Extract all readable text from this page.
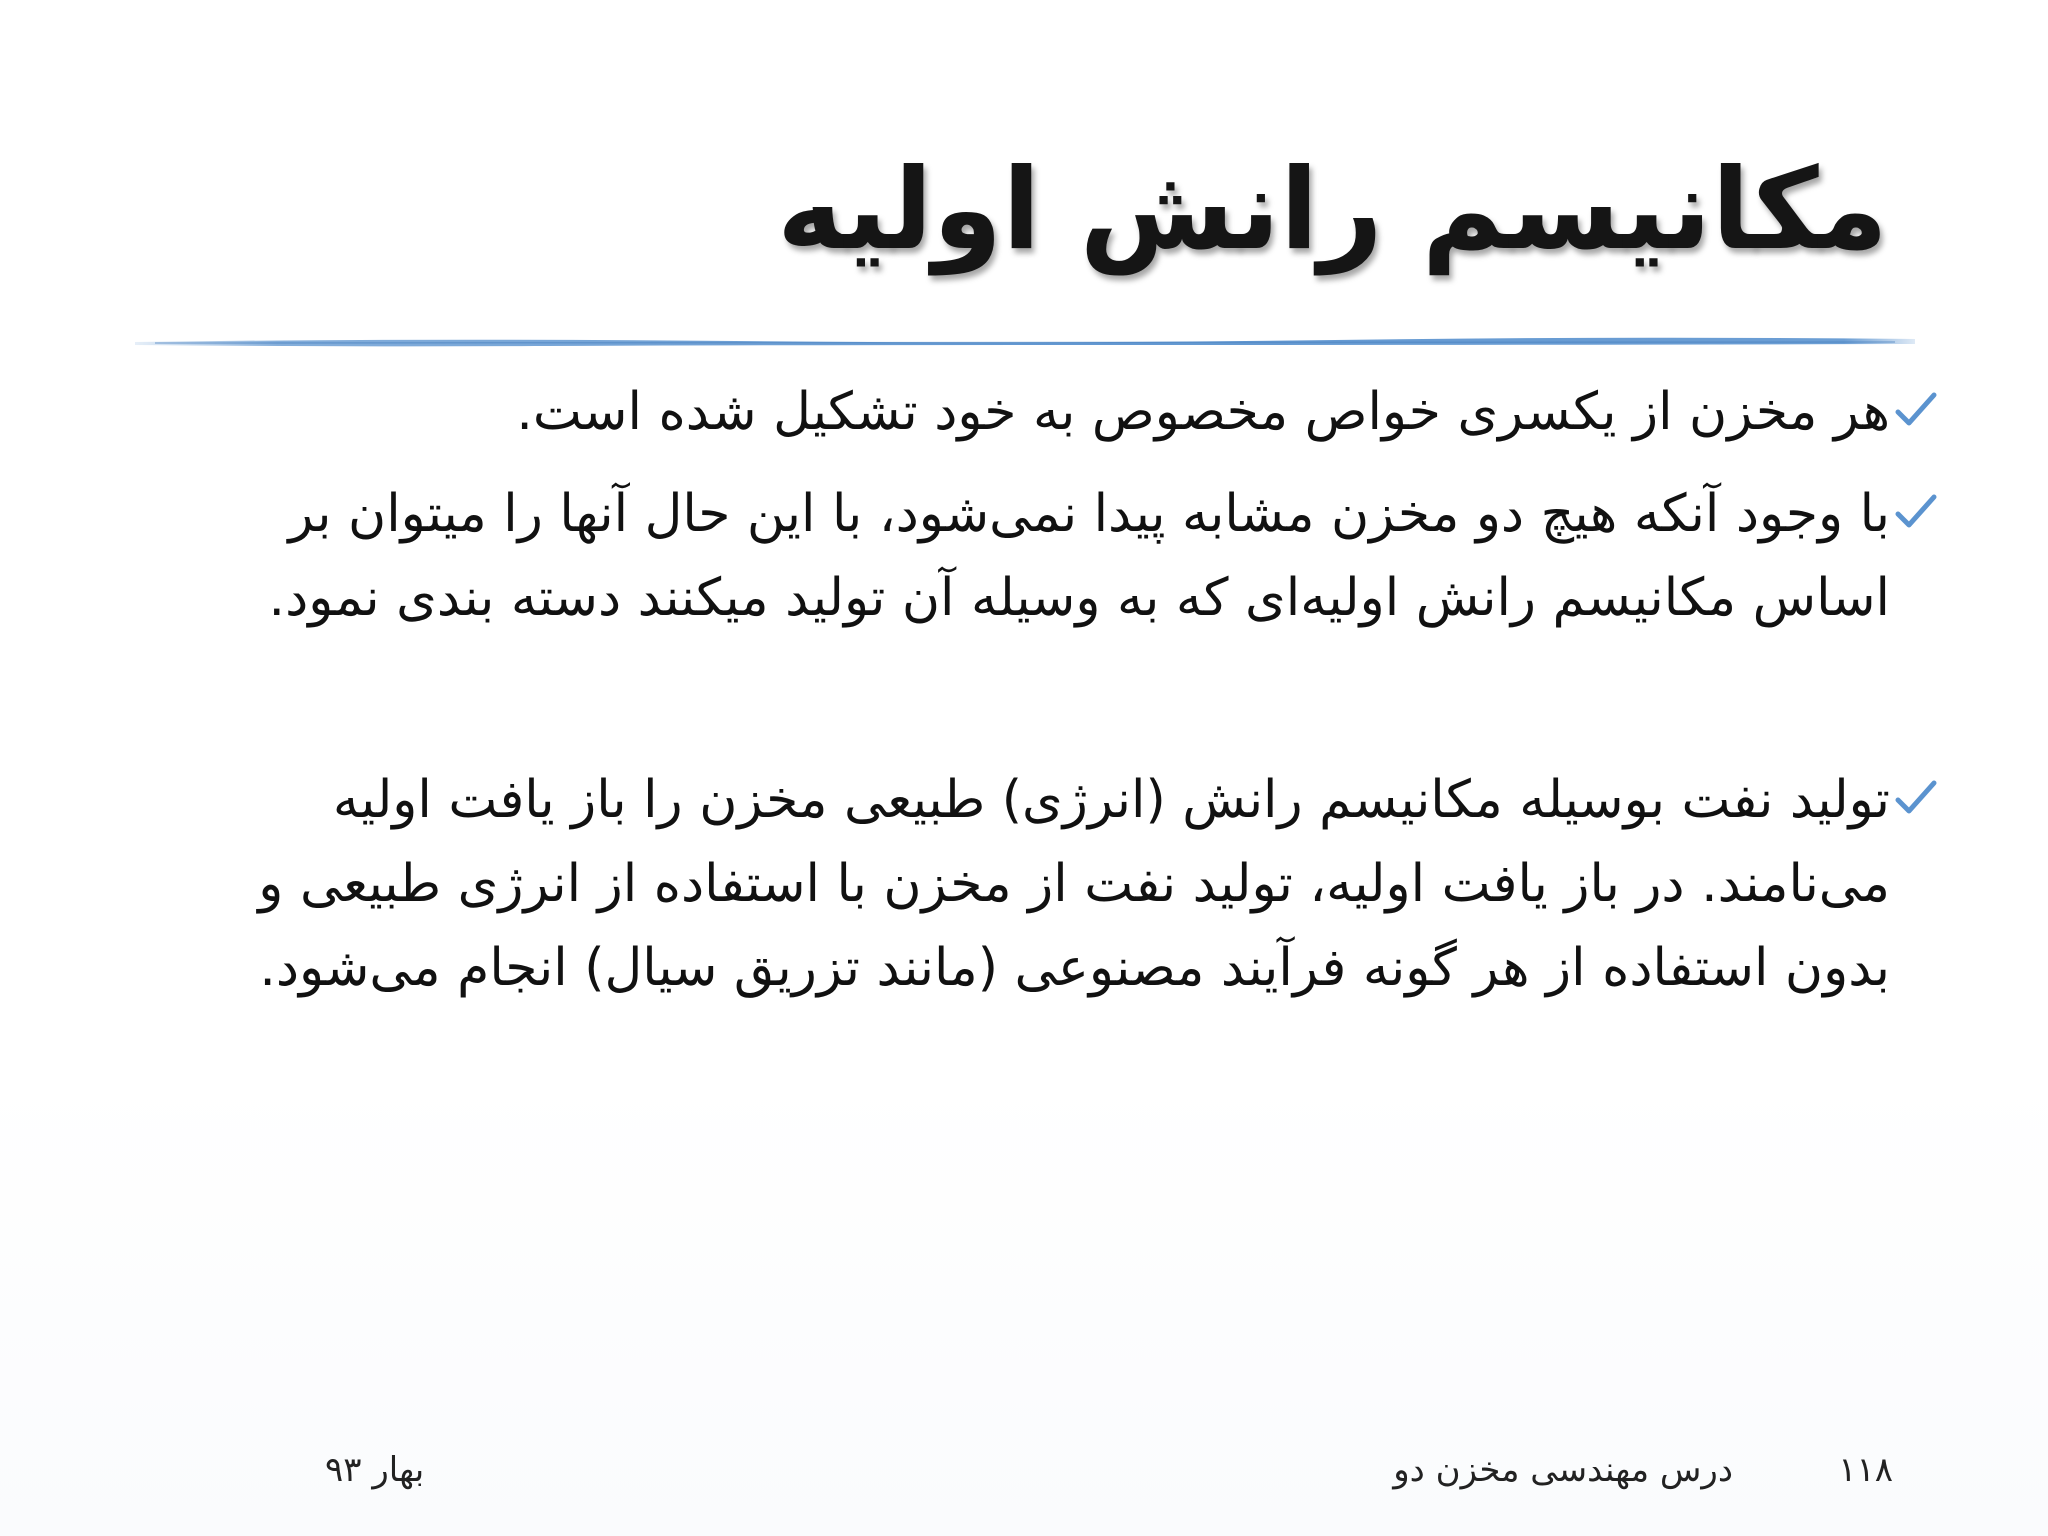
مکانیسم رانش اولیه
هر مخزن از یکسری خواص مخصوص به خود تشکیل شده است.
با وجود آنکه هیچ دو مخزن مشابه پیدا نمی‌شود، با این حال آنها را میتوان بر اساس مکانیسم رانش اولیه‌ای که به وسیله آن تولید میکنند دسته بندی نمود.
تولید نفت بوسیله مکانیسم رانش (انرژی) طبیعی مخزن را باز یافت اولیه می‌نامند. در باز یافت اولیه، تولید نفت از مخزن با استفاده از انرژی طبیعی و بدون استفاده از هر گونه فرآیند مصنوعی (مانند تزریق سیال) انجام می‌شود.
۱۱۸
درس مهندسی مخزن دو
بهار ۹۳
